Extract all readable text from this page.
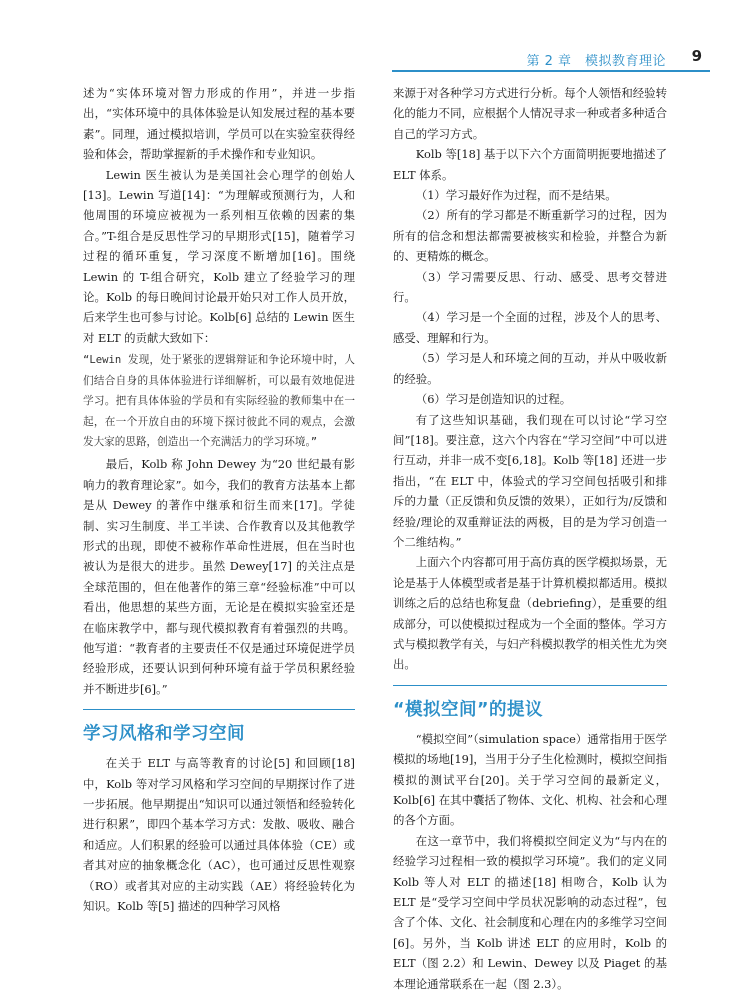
第 2 章　模拟教育理论 9

述为“实体环境对智力形成的作用”，并进一步指出，“实体环境中的具体体验是认知发展过程的基本要素”。同理，通过模拟培训，学员可以在实验室获得经验和体会，帮助掌握新的手术操作和专业知识。

Lewin 医生被认为是美国社会心理学的创始人[13]。Lewin 写道[14]：“为理解或预测行为，人和他周围的环境应被视为一系列相互依赖的因素的集合。”T-组合是反思性学习的早期形式[15]，随着学习过程的循环重复，学习深度不断增加[16]。围绕 Lewin 的 T-组合研究，Kolb 建立了经验学习的理论。Kolb 的每日晚间讨论最开始只对工作人员开放，后来学生也可参与讨论。Kolb[6] 总结的 Lewin 医生对 ELT 的贡献大致如下：

“Lewin 发现，处于紧张的逻辑辩证和争论环境中时，人们结合自身的具体体验进行详细解析，可以最有效地促进学习。把有具体体验的学员和有实际经验的教师集中在一起，在一个开放自由的环境下探讨彼此不同的观点，会激发大家的思路，创造出一个充满活力的学习环境。”

最后，Kolb 称 John Dewey 为“20 世纪最有影响力的教育理论家”。如今，我们的教育方法基本上都是从 Dewey 的著作中继承和衍生而来[17]。学徒制、实习生制度、半工半读、合作教育以及其他教学形式的出现，即使不被称作革命性进展，但在当时也被认为是很大的进步。虽然 Dewey[17] 的关注点是全球范围的，但在他著作的第三章“经验标准”中可以看出，他思想的某些方面，无论是在模拟实验室还是在临床教学中，都与现代模拟教育有着强烈的共鸣。他写道：“教育者的主要责任不仅是通过环境促进学员经验形成，还要认识到何种环境有益于学员积累经验并不断进步[6]。”

学习风格和学习空间

在关于 ELT 与高等教育的讨论[5] 和回顾[18] 中，Kolb 等对学习风格和学习空间的早期探讨作了进一步拓展。他早期提出“知识可以通过领悟和经验转化进行积累”，即四个基本学习方式：发散、吸收、融合和适应。人们积累的经验可以通过具体体验（CE）或者其对应的抽象概念化（AC），也可通过反思性观察（RO）或者其对应的主动实践（AE）将经验转化为知识。Kolb 等[5] 描述的四种学习风格

来源于对各种学习方式进行分析。每个人领悟和经验转化的能力不同，应根据个人情况寻求一种或者多种适合自己的学习方式。

Kolb 等[18] 基于以下六个方面简明扼要地描述了 ELT 体系。

（1）学习最好作为过程，而不是结果。

（2）所有的学习都是不断重新学习的过程，因为所有的信念和想法都需要被核实和检验，并整合为新的、更精炼的概念。

（3）学习需要反思、行动、感受、思考交替进行。

（4）学习是一个全面的过程，涉及个人的思考、感受、理解和行为。

（5）学习是人和环境之间的互动，并从中吸收新的经验。

（6）学习是创造知识的过程。

有了这些知识基础，我们现在可以讨论“学习空间”[18]。要注意，这六个内容在“学习空间”中可以进行互动，并非一成不变[6,18]。Kolb 等[18] 还进一步指出，“在 ELT 中，体验式的学习空间包括吸引和排斥的力量（正反馈和负反馈的效果），正如行为/反馈和经验/理论的双重辩证法的两极，目的是为学习创造一个二维结构。”

上面六个内容都可用于高仿真的医学模拟场景，无论是基于人体模型或者是基于计算机模拟都适用。模拟训练之后的总结也称复盘（debriefing），是重要的组成部分，可以使模拟过程成为一个全面的整体。学习方式与模拟教学有关，与妇产科模拟教学的相关性尤为突出。

“模拟空间”的提议

“模拟空间”（simulation space）通常指用于医学模拟的场地[19]，当用于分子生化检测时，模拟空间指模拟的测试平台[20]。关于学习空间的最新定义，Kolb[6] 在其中囊括了物体、文化、机构、社会和心理的各个方面。

在这一章节中，我们将模拟空间定义为“与内在的经验学习过程相一致的模拟学习环境”。我们的定义同 Kolb 等人对 ELT 的描述[18] 相吻合，Kolb 认为 ELT 是“受学习空间中学员状况影响的动态过程”，包含了个体、文化、社会制度和心理在内的多维学习空间[6]。另外，当 Kolb 讲述 ELT 的应用时，Kolb 的 ELT（图 2.2）和 Lewin、Dewey 以及 Piaget 的基本理论通常联系在一起（图 2.3）。
